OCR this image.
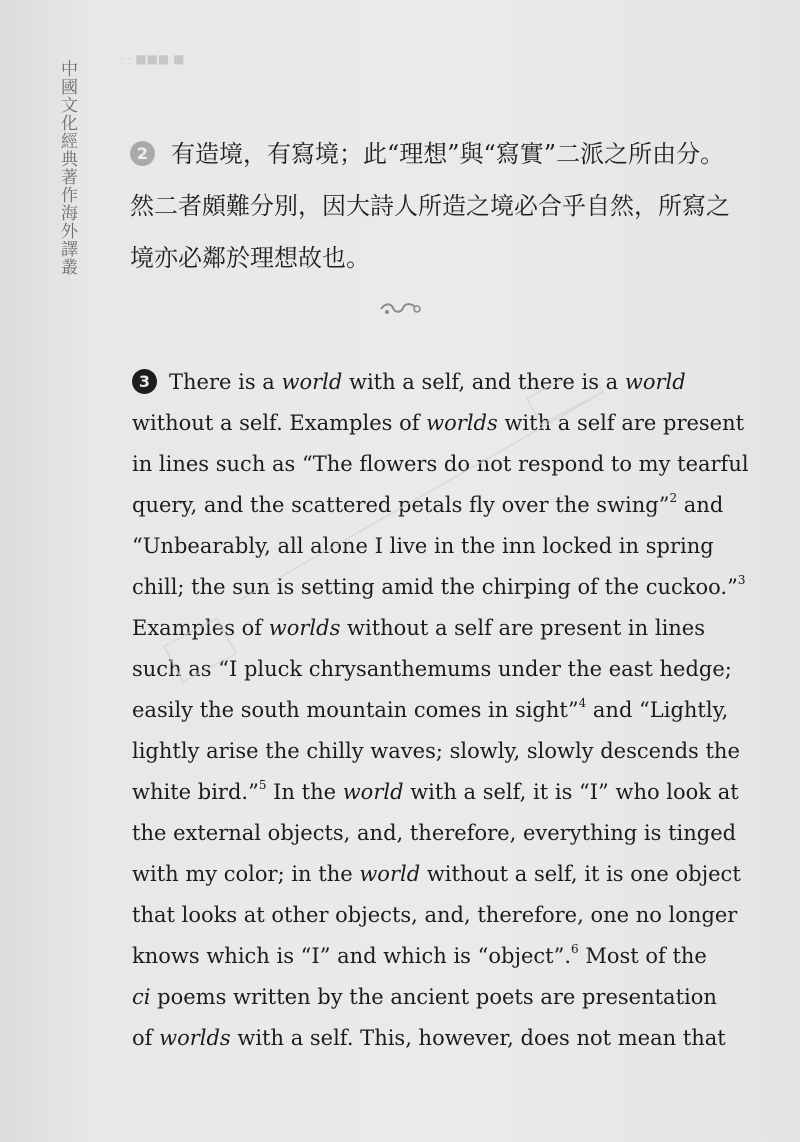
中國文化經典著作海外譯叢
· · ■■■ ■
2 有造境，有寫境；此“理想”與“寫實”二派之所由分。
然二者頗難分別，因大詩人所造之境必合乎自然，所寫之
境亦必鄰於理想故也。
3 There is a world with a self, and there is a world
without a self. Examples of worlds with a self are present
in lines such as “The flowers do not respond to my tearful
query, and the scattered petals fly over the swing”$^2$ and
“Unbearably, all alone I live in the inn locked in spring
chill; the sun is setting amid the chirping of the cuckoo.”$^3$
Examples of worlds without a self are present in lines
such as “I pluck chrysanthemums under the east hedge;
easily the south mountain comes in sight”$^4$ and “Lightly,
lightly arise the chilly waves; slowly, slowly descends the
white bird.”$^5$ In the world with a self, it is “I” who look at
the external objects, and, therefore, everything is tinged
with my color; in the world without a self, it is one object
that looks at other objects, and, therefore, one no longer
knows which is “I” and which is “object”.$^6$ Most of the
ci poems written by the ancient poets are presentation
of worlds with a self. This, however, does not mean that
